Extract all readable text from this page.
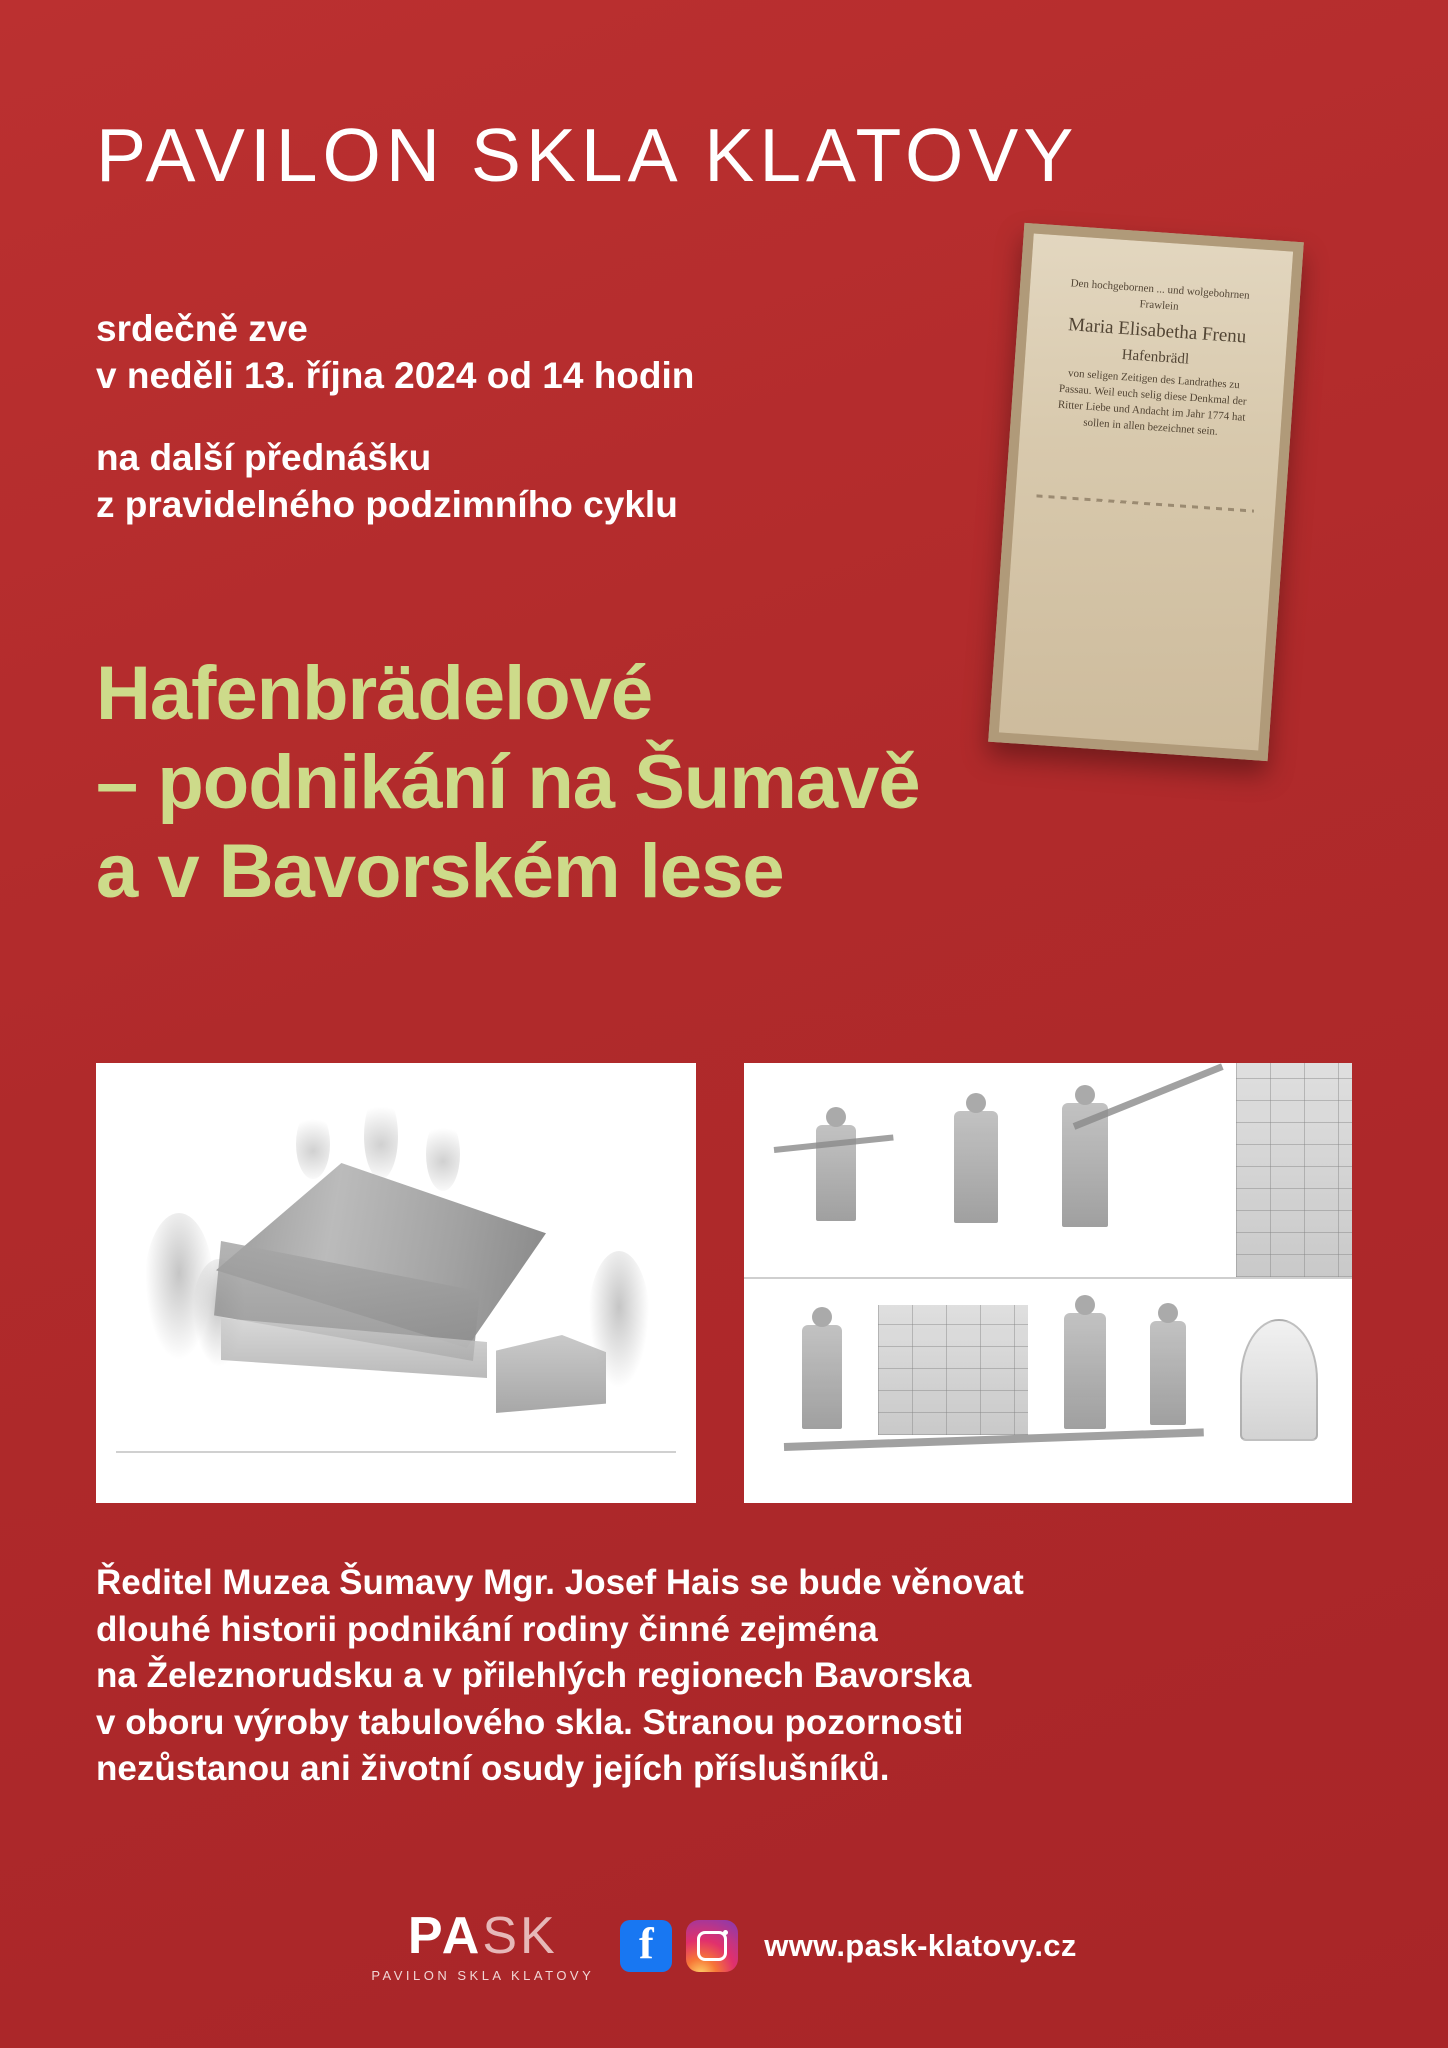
PAVILON SKLA KLATOVY
srdečně zve
v neděli 13. října 2024 od 14 hodin
na další přednášku
z pravidelného podzimního cyklu
Den hochgebornen ... und wolgebohrnen Frawlein
Maria Elisabetha Frenu
Hafenbrädl
von seligen Zeitigen des Landrathes zu Passau. Weil euch selig diese Denkmal der Ritter Liebe und Andacht im Jahr 1774 hat sollen in allen bezeichnet sein.
Hafenbrädelové
– podnikání na Šumavě
a v Bavorském lese
Ředitel Muzea Šumavy Mgr. Josef Hais se bude věnovat
dlouhé historii podnikání rodiny činné zejména
na Železnorudsku a v přilehlých regionech Bavorska
v oboru výroby tabulového skla. Stranou pozornosti
nezůstanou ani životní osudy jejích příslušníků.
PASK
PAVILON SKLA KLATOVY
f
www.pask-klatovy.cz
